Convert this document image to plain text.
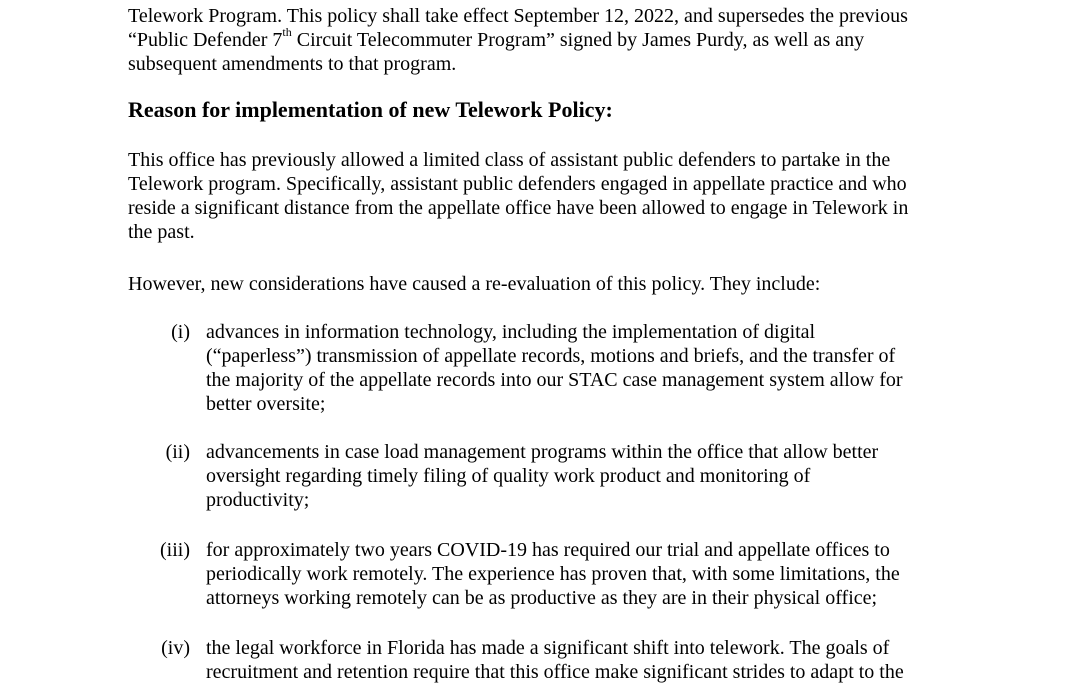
Telework Program. This policy shall take effect September 12, 2022, and supersedes the previous
“Public Defender 7th Circuit Telecommuter Program” signed by James Purdy, as well as any
subsequent amendments to that program.
Reason for implementation of new Telework Policy:
This office has previously allowed a limited class of assistant public defenders to partake in the
Telework program. Specifically, assistant public defenders engaged in appellate practice and who
reside a significant distance from the appellate office have been allowed to engage in Telework in
the past.

However, new considerations have caused a re-evaluation of this policy. They include:

(i) advances in information technology, including the implementation of digital
(“paperless”) transmission of appellate records, motions and briefs, and the transfer of
the majority of the appellate records into our STAC case management system allow for
better oversite;
(ii) advancements in case load management programs within the office that allow better
oversight regarding timely filing of quality work product and monitoring of
productivity;
(iii) for approximately two years COVID-19 has required our trial and appellate offices to
periodically work remotely. The experience has proven that, with some limitations, the
attorneys working remotely can be as productive as they are in their physical office;
(iv) the legal workforce in Florida has made a significant shift into telework. The goals of
recruitment and retention require that this office make significant strides to adapt to the
